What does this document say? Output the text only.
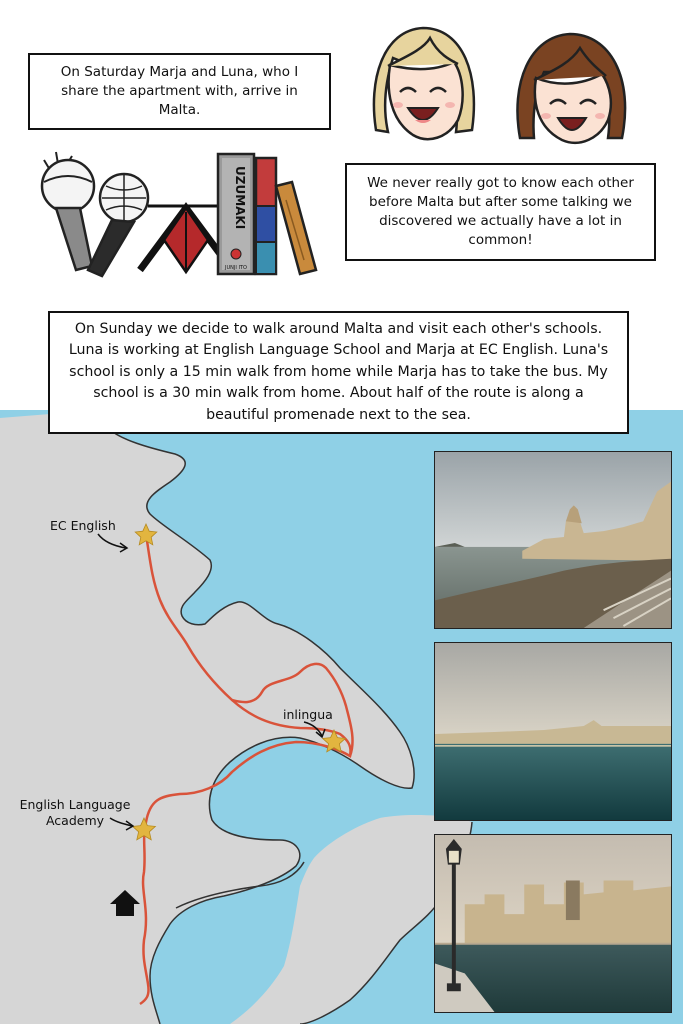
On Saturday Marja and Luna, who I share the apartment with, arrive in Malta.
We never really got to know each other before Malta but after some talking we discovered we actually have a lot in common!
On Sunday we decide to walk around Malta and visit each other's schools. Luna is working at English Language School and Marja at EC English. Luna's school is only a 15 min walk from home while Marja has to take the bus. My school is a 30 min walk from home. About half of the route is along a beautiful promenade next to the sea.
UZUMAKI
JUNJI ITO
EC English
inlingua
English Language
Academy
